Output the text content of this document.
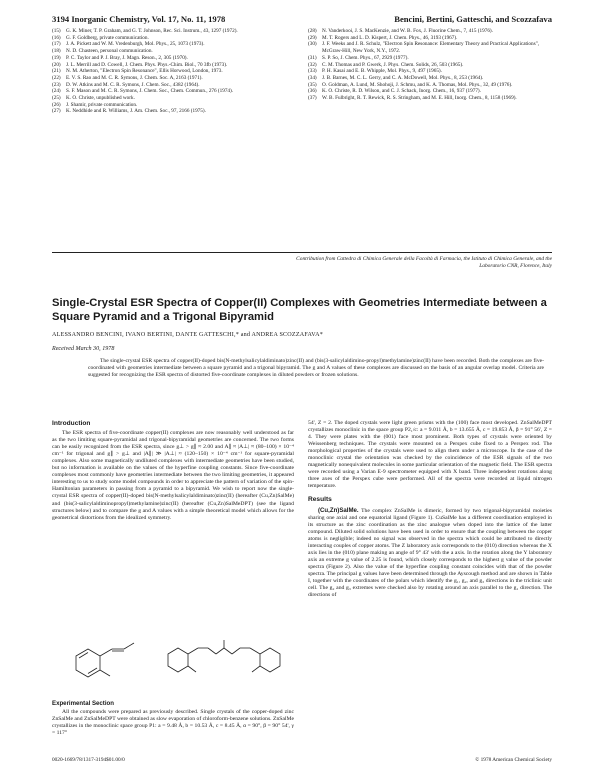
3194 Inorganic Chemistry, Vol. 17, No. 11, 1978	Bencini, Bertini, Gatteschi, and Scozzafava
(15)	G. K. Miner, T. P. Graham, and G. T. Johnson, Rec. Sci. Instrum., 43, 1297 (1972).
(16)	G. F. Goldberg, private communication.
(17)	J. A. Pickett and W. M. Vredenburgh, Mol. Phys., 25, 1073 (1973).
(18)	N. D. Chasteen, personal communication.
(19)	P. C. Taylor and P. J. Bray, J. Magn. Reson., 2, 305 (1970).
(20)	J. L. Merrill and D. Cowell, J. Chem. Phys. Phys.-Chim. Biol., 70 3fb (1973).
(21)	N. M. Atherton, "Electron Spin Resonance", Ellis Horwood, London, 1973.
(22)	E. V. S. Rao and M. C. R. Symons, J. Chem. Soc. A, 2163 (1971).
(23)	D. W. Atkins and M. C. R. Symons, J. Chem. Soc., 4382 (1964).
(24)	S. F. Mason and M. C. R. Symons, J. Chem. Soc., Chem. Commun., 276 (1974).
(25)	K. O. Christe, unpublished work.
(26)	J. Shamir, private communication.
(27)	K. Neddhide and R. Williams, J. Am. Chem. Soc., 97, 2166 (1975).
(28)	N. Vanderkooi, J. S. MacKenzie, and W. B. Fox, J. Fluorine Chem., 7, 415 (1976).
(29)	M. T. Rogers and L. D. Kispert, J. Chem. Phys., 46, 3193 (1967).
(30)	J. F. Weeks and J. R. Schulz, "Electron Spin Resonance: Elementary Theory and Practical Applications", McGraw-Hill, New York, N.Y., 1972.
(31)	S. P. So, J. Chem. Phys., 67, 2929 (1977).
(32)	C. M. Thomas and P. Gwerk, J. Phys. Chem. Solids, 26, 503 (1965).
(33)	P. H. Kasai and E. B. Whipple, Mol. Phys., 9, 497 (1965).
(34)	J. B. Barnes, M. C. L. Gerry, and C. A. McDowell, Mol. Phys., 8, 253 (1964).
(35)	O. Goldman, A. Lund, M. Shohoji, J. Schmu, and K. A. Thomas, Mol. Phys., 32, 49 (1976).
(36)	K. O. Christe, R. D. Wilson, and C. J. Schack, Inorg. Chem., 16, 937 (1977).
(37)	W. B. Fulbright, R. T. Rewick, R. S. Stringham, and M. E. Hill, Inorg. Chem., 8, 1158 (1969).
Contribution from Cattedra di Chimica Generale della Facoltà di Farmacia, the Istituto di Chimica Generale, and the Laboratorio CNR, Florence, Italy
Single-Crystal ESR Spectra of Copper(II) Complexes with Geometries Intermediate between a Square Pyramid and a Trigonal Bipyramid
ALESSANDRO BENCINI, IVANO BERTINI, DANTE GATTESCHI,* and ANDREA SCOZZAFAVA*
Received March 30, 1978
The single-crystal ESR spectra of copper(II)-doped bis(N-methylsalicylaldiminato)zinc(II) and (bis(3-salicylaldimino-propyl)methylamine)zinc(II) have been recorded. Both the complexes are five-coordinated with geometries intermediate between a square pyramid and a trigonal bipyramid. The g and A values of these complexes are discussed on the basis of an angular overlap model. Criteria are suggested for recognizing the ESR spectra of distorted five-coordinate complexes in diluted powders or frozen solutions.
Introduction

The ESR spectra of five-coordinate copper(II) complexes are now reasonably well understood as far as the two limiting square-pyramidal and trigonal-bipyramidal geometries are concerned. The two forms can be easily recognized from the ESR spectra, since g⊥ > g∥ ≈ 2.00 and A∥ ≈ |A⊥| ≈ (80–100) × 10⁻⁴ cm⁻¹ for trigonal and g∥ > g⊥ and |A∥| ≫ |A⊥| ≈ (120–150) × 10⁻⁴ cm⁻¹ for square-pyramidal complexes. Also some magnetically undiluted complexes with intermediate geometries have been studied, but no information is available on the values of the hyperfine coupling constants. Since five-coordinate complexes most commonly have geometries intermediate between the two limiting geometries, it appeared interesting to us to study some model compounds in order to appreciate the pattern of variation of the spin-Hamiltonian parameters in passing from a pyramid to a bipyramid. We wish to report now the single-crystal ESR spectra of copper(II)-doped bis(N-methylsalicylaldiminato)zinc(II) (hereafter (Cu,Zn)SalMe) and (bis(3-salicylaldiminopropyl)methylamine)zinc(II) (hereafter (Cu,Zn)SalMeDPT) (see the ligand structures below) and to compare the g and A values with a simple theoretical model which allows for the geometrical distortions from the idealized symmetry.

Experimental Section

All the compounds were prepared as previously described. Single crystals of the copper-doped zinc ZnSalMe and ZnSalMeDPT were obtained as slow evaporation of chloroform-benzene solutions. ZnSalMe crystallizes in the monoclinic space group P1: a = 9.48 Å, b = 10.53 Å, c = 8.45 Å, α = 90°, β = 90° 54', γ = 117°

54', Z = 2. The doped crystals were light green prisms with the (100) face most developed. ZnSalMeDPT crystallizes monoclinic in the space group P2₁/c: a = 9.011 Å, b = 13.655 Å, c = 19.853 Å, β = 91° 56', Z = 4. They were plates with the (001) face most prominent. Both types of crystals were oriented by Weissenberg techniques. The crystals were mounted on a Perspex cube fixed to a Perspex rod. The morphological properties of the crystals were used to align them under a microscope. In the case of the monoclinic crystal the orientation was checked by the coincidence of the ESR signals of the two magnetically nonequivalent molecules in some particular orientation of the magnetic field. The ESR spectra were recorded using a Varian E-9 spectrometer equipped with X band. Three independent rotations along three axes of the Perspex cube were performed. All of the spectra were recorded at liquid nitrogen temperature.

Results

(Cu,Zn)SalMe. The complex ZnSalMe is dimeric, formed by two trigonal-bipyramidal moieties sharing one axial and one equatorial ligand (Figure 1). CuSalMe has a different coordination employed in its structure as the zinc coordination as the zinc analogue when doped into the lattice of the latter compound. Diluted solid solutions have been used in order to ensure that the coupling between the copper atoms is negligible; indeed no signal was observed in the spectra which could be attributed to directly interacting couples of copper atoms. The Z laboratory axis corresponds to the (010) direction whereas the X axis lies in the (010) plane making an angle of 9° 43' with the a axis. In the rotation along the Y laboratory axis an extreme g value of 2.25 is found, which closely corresponds to the highest g value of the powder spectra (Figure 2). Also the value of the hyperfine coupling constant coincides with that of the powder spectra. The principal g values have been determined through the Ayscough method and are shown in Table I, together with the coordinates of the polars which identify the g₁, g₂, and g₃ directions in the triclinic unit cell. The g₂ and g₃ extremes were checked also by rotating around an axis parallel to the g₁ direction. The directions of

0020-1669/78/1317-3194$01.00/0	© 1978 American Chemical Society
